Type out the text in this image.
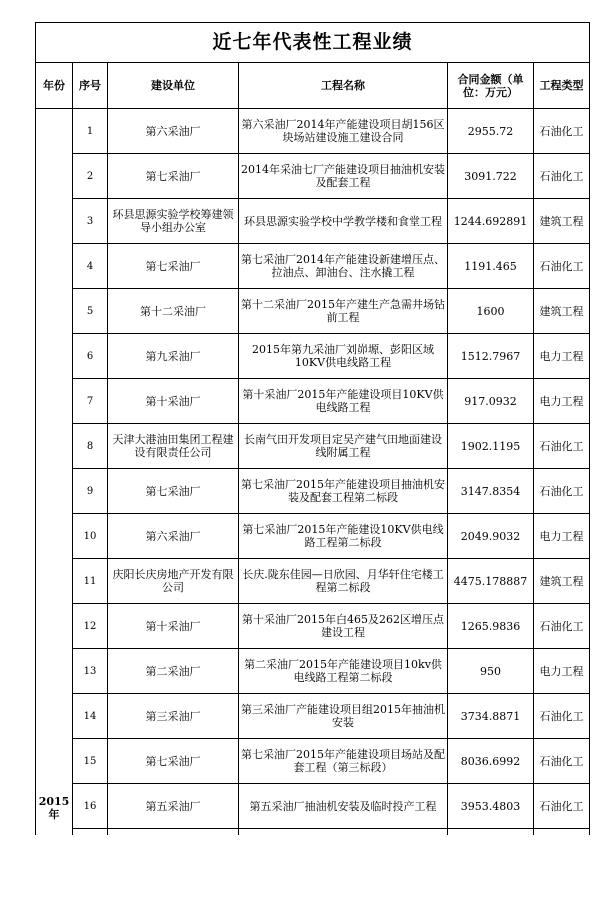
近七年代表性工程业绩					
年份	序号	建设单位	工程名称	合同金额（单位：万元）	工程类型
2015年	1	第六采油厂	第六采油厂2014年产能建设项目胡156区块场站建设施工建设合同	2955.72	石油化工
	2	第七采油厂	2014年采油七厂产能建设项目抽油机安装及配套工程	3091.722	石油化工
	3	环县思源实验学校筹建领导小组办公室	环县思源实验学校中学教学楼和食堂工程	1244.692891	建筑工程
	4	第七采油厂	第七采油厂2014年产能建设新建增压点、拉油点、卸油台、注水撬工程	1191.465	石油化工
	5	第十二采油厂	第十二采油厂2015年产建生产急需井场钻前工程	1600	建筑工程
	6	第九采油厂	2015年第九采油厂刘峁塬、彭阳区域10KV供电线路工程	1512.7967	电力工程
	7	第十采油厂	第十采油厂2015年产能建设项目10KV供电线路工程	917.0932	电力工程
	8	天津大港油田集团工程建设有限责任公司	长南气田开发项目定吴产建气田地面建设线附属工程	1902.1195	石油化工
	9	第七采油厂	第七采油厂2015年产能建设项目抽油机安装及配套工程第二标段	3147.8354	石油化工
	10	第六采油厂	第七采油厂2015年产能建设10KV供电线路工程第二标段	2049.9032	电力工程
	11	庆阳长庆房地产开发有限公司	长庆.陇东佳园—日欣园、月华轩住宅楼工程第二标段	4475.178887	建筑工程
	12	第十采油厂	第十采油厂2015年白465及262区增压点建设工程	1265.9836	石油化工
	13	第二采油厂	第二采油厂2015年产能建设项目10kv供电线路工程第二标段	950	电力工程
	14	第三采油厂	第三采油厂产能建设项目组2015年抽油机安装	3734.8871	石油化工
	15	第七采油厂	第七采油厂2015年产能建设项目场站及配套工程（第三标段）	8036.6992	石油化工
	16	第五采油厂	第五采油厂抽油机安装及临时投产工程	3953.4803	石油化工
